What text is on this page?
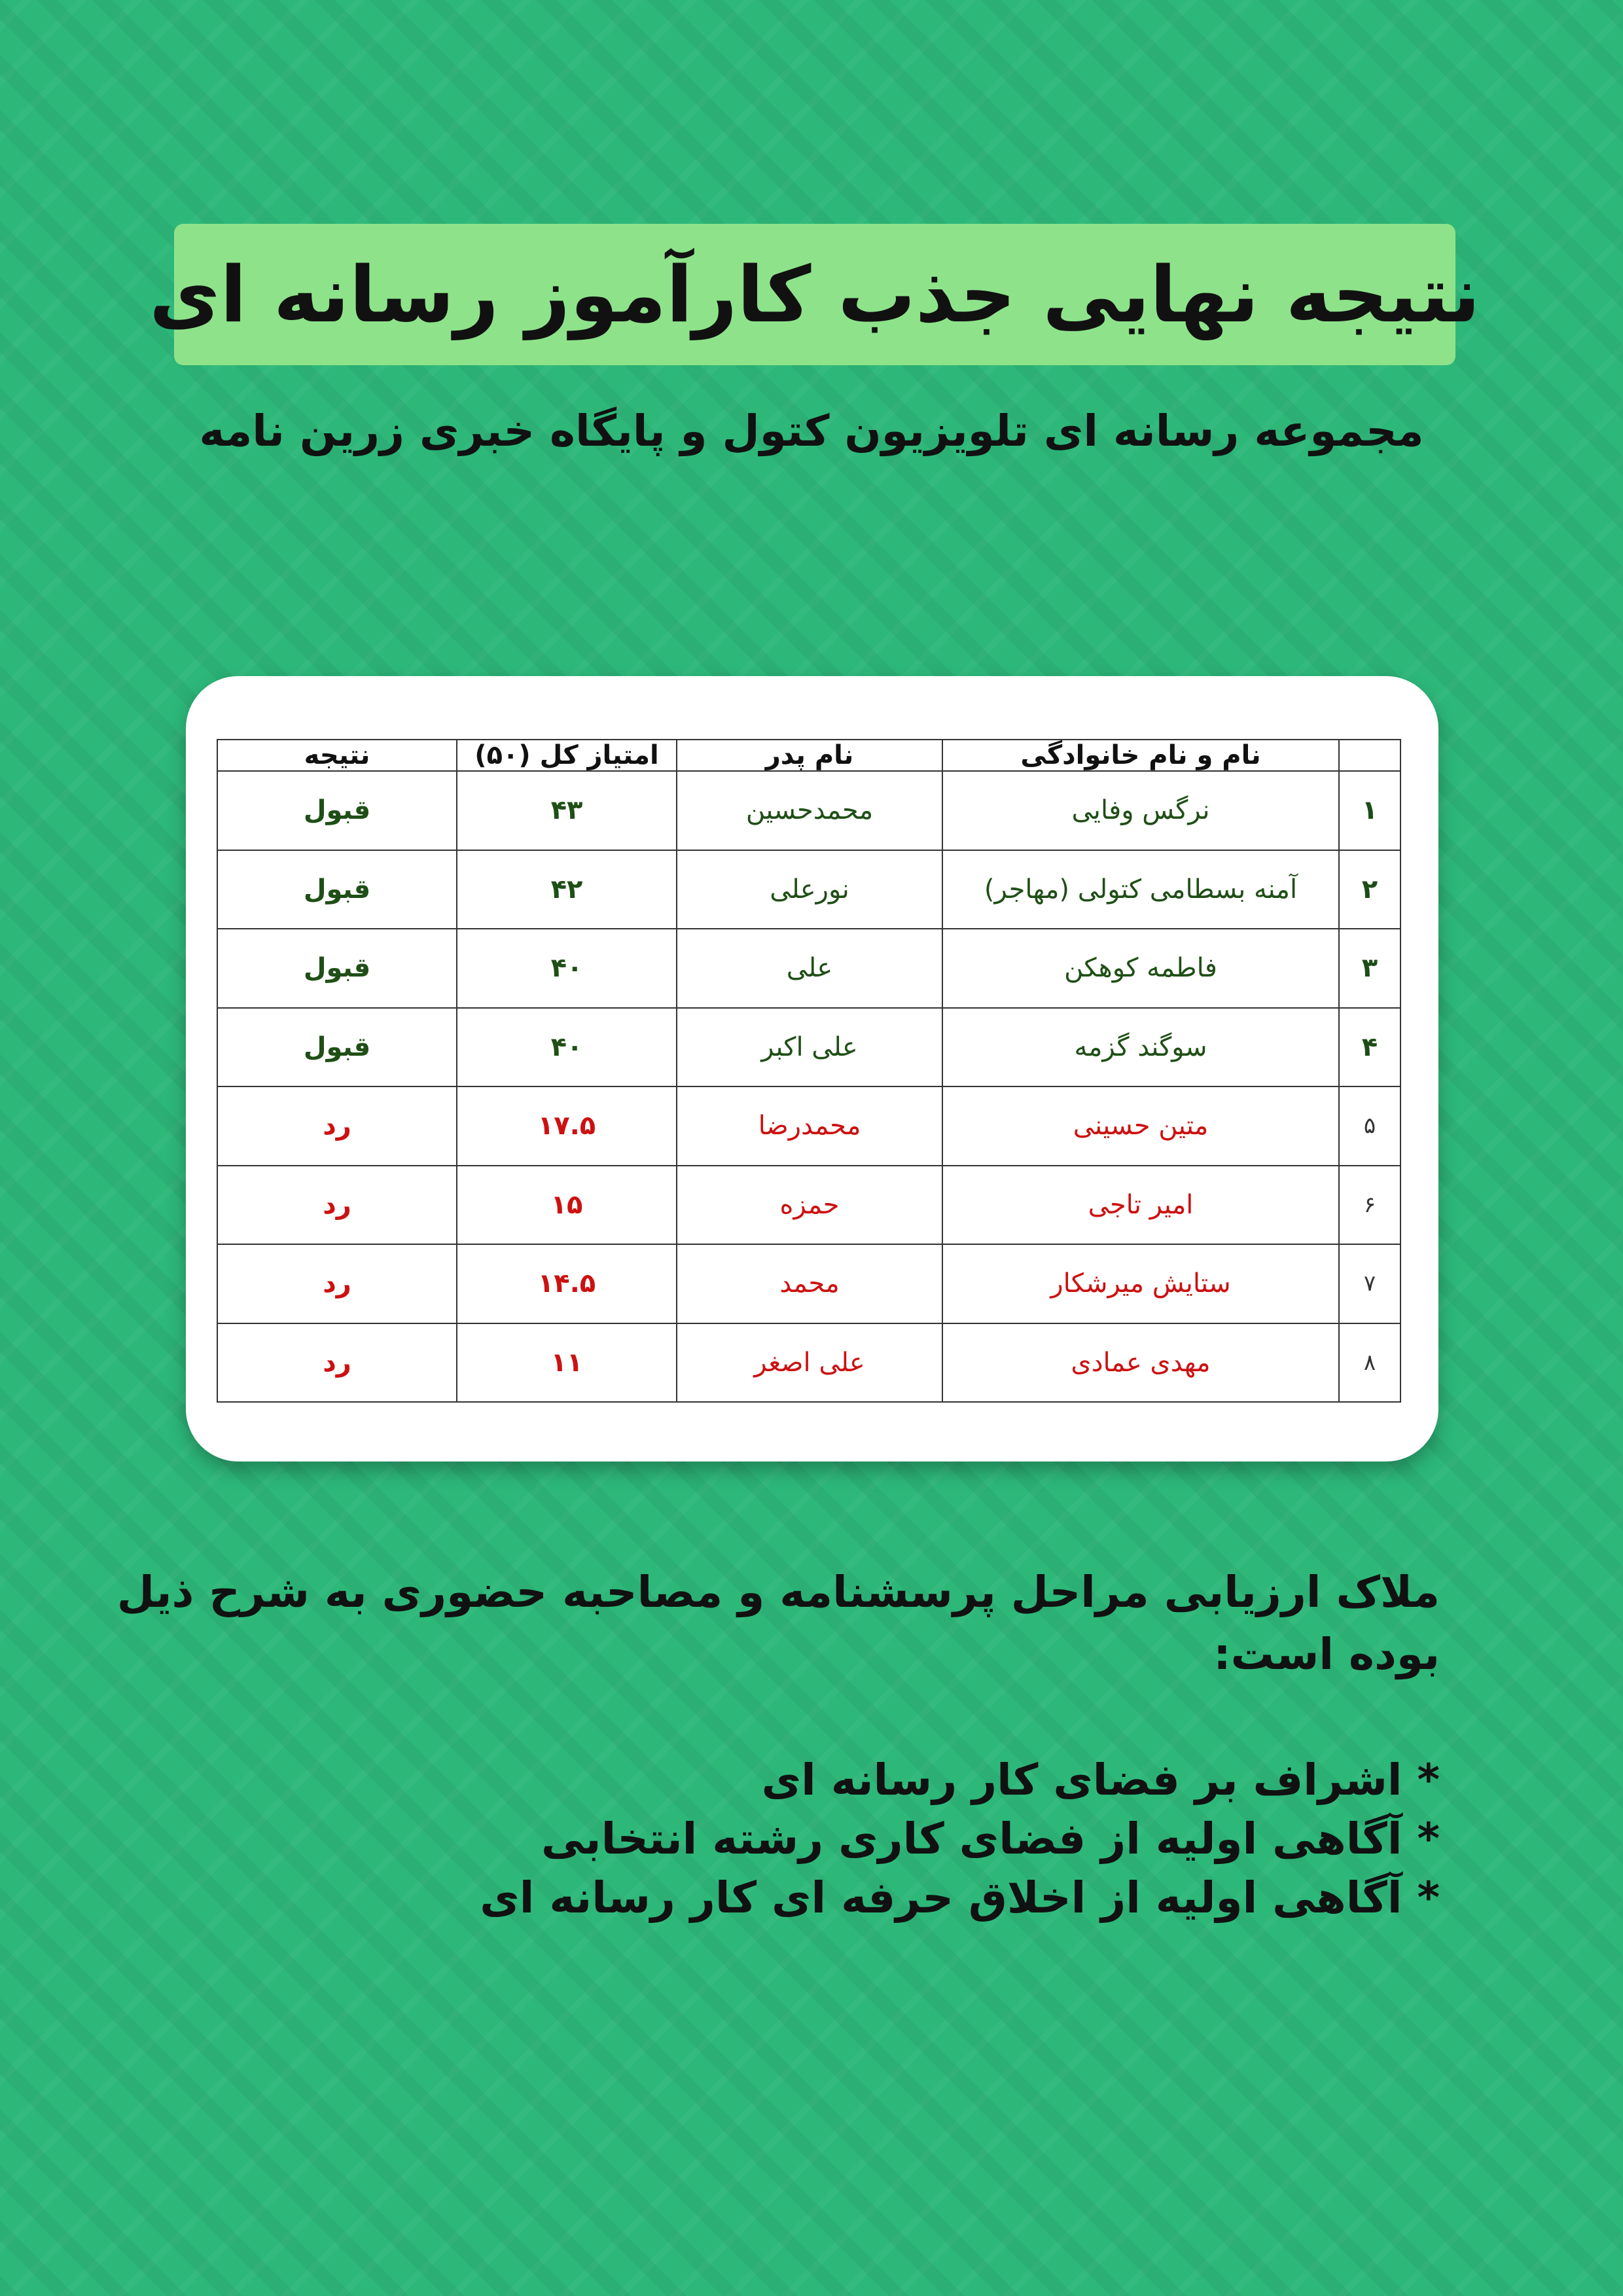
نتیجه نهایی جذب کارآموز رسانه ای
مجموعه رسانه ای تلویزیون کتول و پایگاه خبری زرین نامه
	نام و نام خانوادگی	نام پدر	امتیاز کل (۵۰)	نتیجه
۱	نرگس وفایی	محمدحسین	۴۳	قبول
۲	آمنه بسطامی کتولی (مهاجر)	نورعلی	۴۲	قبول
۳	فاطمه کوهکن	علی	۴۰	قبول
۴	سوگند گزمه	علی اکبر	۴۰	قبول
۵	متین حسینی	محمدرضا	۱۷.۵	رد
۶	امیر تاجی	حمزه	۱۵	رد
۷	ستایش میرشکار	محمد	۱۴.۵	رد
۸	مهدی عمادی	علی اصغر	۱۱	رد
ملاک ارزیابی مراحل پرسشنامه و مصاحبه حضوری به شرح ذیل
بوده است:
* اشراف بر فضای کار رسانه ای
* آگاهی اولیه از فضای کاری رشته انتخابی
* آگاهی اولیه از اخلاق حرفه ای کار رسانه ای
